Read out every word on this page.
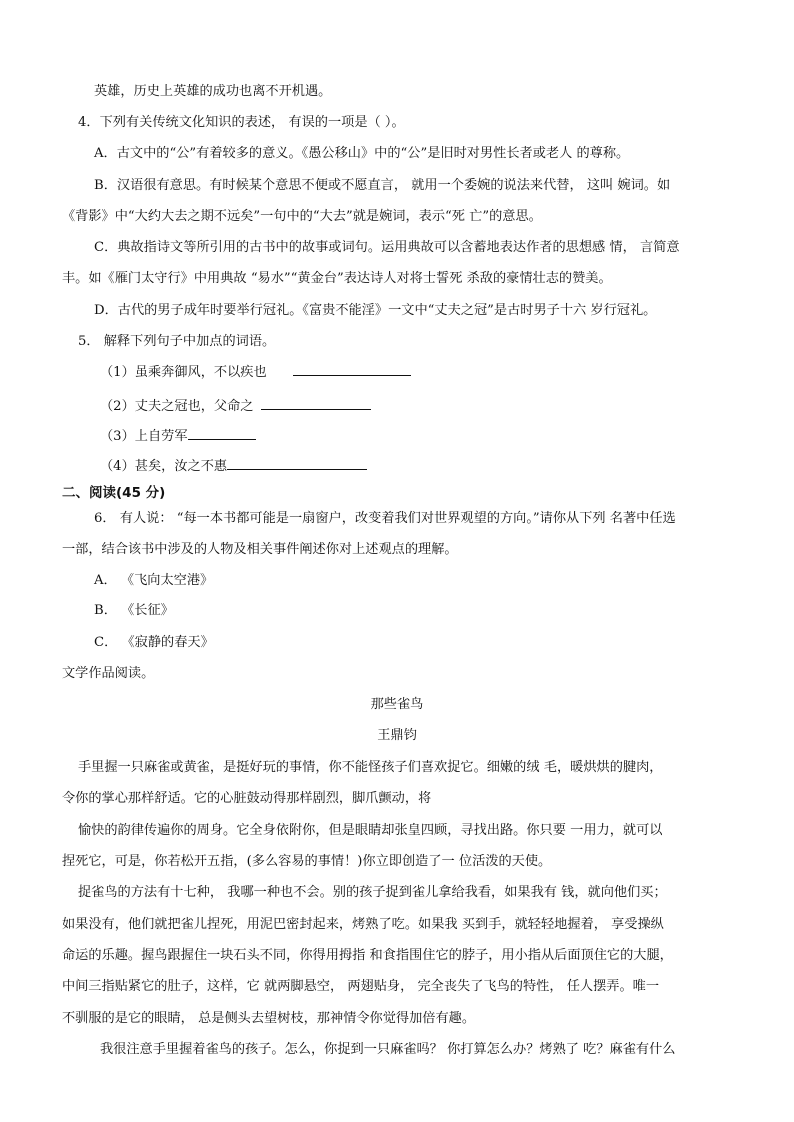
英雄，历史上英雄的成功也离不开机遇。
4．下列有关传统文化知识的表述， 有误的一项是（ ）。
A．古文中的“公”有着较多的意义。《愚公移山》中的“公”是旧时对男性长者或老人 的尊称。
B．汉语很有意思。有时候某个意思不便或不愿直言， 就用一个委婉的说法来代替， 这叫 婉词。如
《背影》中“大约大去之期不远矣”一句中的“大去”就是婉词，表示“死 亡”的意思。
C．典故指诗文等所引用的古书中的故事或词句。运用典故可以含蓄地表达作者的思想感 情， 言简意
丰。如《雁门太守行》中用典故 “易水”“黄金台”表达诗人对将士誓死 杀敌的豪情壮志的赞美。
D．古代的男子成年时要举行冠礼。《富贵不能淫》一文中“丈夫之冠”是古时男子十六 岁行冠礼。
5． 解释下列句子中加点的词语。
（1）虽乘奔御风，不以疾也
（2）丈夫之冠也，父命之
（3）上自劳军
（4）甚矣，汝之不惠
二、阅读(45 分)
6． 有人说： “每一本书都可能是一扇窗户，改变着我们对世界观望的方向。”请你从下列 名著中任选
一部，结合该书中涉及的人物及相关事件阐述你对上述观点的理解。
A． 《飞向太空港》
B． 《长征》
C． 《寂静的春天》
文学作品阅读。
那些雀鸟
王鼎钧
手里握一只麻雀或黄雀，是挺好玩的事情，你不能怪孩子们喜欢捉它。细嫩的绒 毛，暖烘烘的腱肉，
令你的掌心那样舒适。它的心脏鼓动得那样剧烈，脚爪颤动，将
愉快的韵律传遍你的周身。它全身依附你，但是眼睛却张皇四顾，寻找出路。你只要 一用力，就可以
捏死它，可是，你若松开五指，(多么容易的事情！)你立即创造了一 位活泼的天使。
捉雀鸟的方法有十七种， 我哪一种也不会。别的孩子捉到雀儿拿给我看，如果我有 钱，就向他们买；
如果没有，他们就把雀儿捏死，用泥巴密封起来，烤熟了吃。如果我 买到手，就轻轻地握着， 享受操纵
命运的乐趣。握鸟跟握住一块石头不同，你得用拇指 和食指围住它的脖子，用小指从后面顶住它的大腿，
中间三指贴紧它的肚子，这样，它 就两脚悬空， 两翅贴身， 完全丧失了飞鸟的特性， 任人摆弄。唯一
不驯服的是它的眼睛， 总是侧头去望树枝，那神情令你觉得加倍有趣。
我很注意手里握着雀鸟的孩子。怎么，你捉到一只麻雀吗？ 你打算怎么办？烤熟了 吃？麻雀有什么
